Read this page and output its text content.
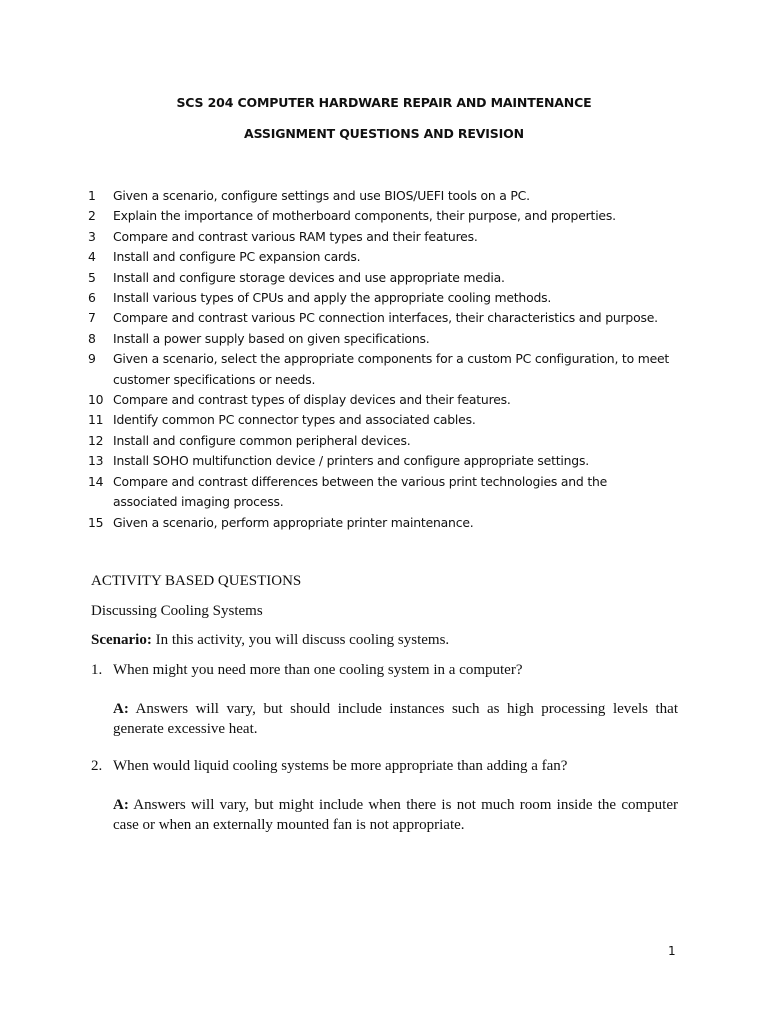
SCS 204 COMPUTER HARDWARE REPAIR AND MAINTENANCE
ASSIGNMENT QUESTIONS AND REVISION
1	Given a scenario, configure settings and use BIOS/UEFI tools on a PC.
2	Explain the importance of motherboard components, their purpose, and properties.
3	Compare and contrast various RAM types and their features.
4	Install and configure PC expansion cards.
5	Install and configure storage devices and use appropriate media.
6	Install various types of CPUs and apply the appropriate cooling methods.
7	Compare and contrast various PC connection interfaces, their characteristics and purpose.
8	Install a power supply based on given specifications.
9	Given a scenario, select the appropriate components for a custom PC configuration, to meet
customer specifications or needs.
10 Compare and contrast types of display devices and their features.
11 Identify common PC connector types and associated cables.
12 Install and configure common peripheral devices.
13 Install SOHO multifunction device / printers and configure appropriate settings.
14 Compare and contrast differences between the various print technologies and the
associated imaging process.
15 Given a scenario, perform appropriate printer maintenance.
ACTIVITY BASED QUESTIONS
Discussing Cooling Systems
Scenario: In this activity, you will discuss cooling systems.
1. When might you need more than one cooling system in a computer?
A: Answers will vary, but should include instances such as high processing levels that generate excessive heat.
2. When would liquid cooling systems be more appropriate than adding a fan?
A: Answers will vary, but might include when there is not much room inside the computer case or when an externally mounted fan is not appropriate.
1
